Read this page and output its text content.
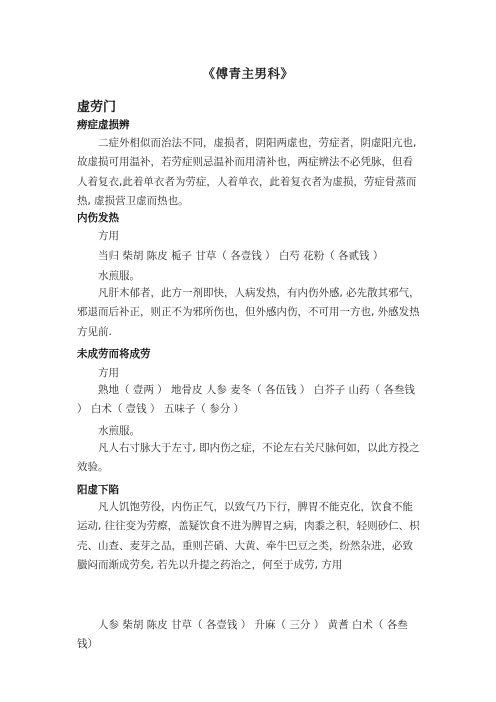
《傅青主男科》
虚劳门
痨症虚损辨
二症外相似而治法不同，虚损者，阴阳两虚也，劳症者，阴虚阳亢也,故虚损可用温补，若劳症则忌温补而用清补也，两症辨法不必凭脉，但看人着复衣,此着单衣者为劳症，人着单衣，此着复衣者为虚损，劳症骨蒸而热, 虚损营卫虚而热也。
内伤发热
方用
当归 柴胡 陈皮 栀子 甘草（ 各壹钱 ） 白芍 花粉（ 各贰钱 ）
水煎服。
凡肝木郁者，此方一剂即快，人病发热，有内伤外感, 必先散其邪气，邪退而后补正，则正不为邪所伤也，但外感内伤，不可用一方也, 外感发热方见前.
未成劳而将成劳
方用
熟地（ 壹两 ） 地骨皮 人参 麦冬（ 各伍钱 ） 白芥子 山药（ 各叁钱 ） 白术（ 壹钱 ） 五味子（ 参分 ）
水煎服。
凡人右寸脉大于左寸, 即内伤之症，不论左右关尺脉何如，以此方投之效验。
阳虚下陷
凡人饥饱劳役，内伤正气，以致气乃下行，脾胃不能克化，饮食不能运动, 往往变为劳瘵，盖疑饮食不进为脾胃之病，肉黍之积，轻则砂仁、枳壳、山查、麦芽之品，重则芒硝、大黄、牵牛巴豆之类，纷然杂进，必致臌闷而渐成劳矣, 若先以升提之药治之，何至于成劳, 方用
人参 柴胡 陈皮 甘草（ 各壹钱 ） 升麻（ 三分 ） 黄耆 白术（ 各叁钱）
